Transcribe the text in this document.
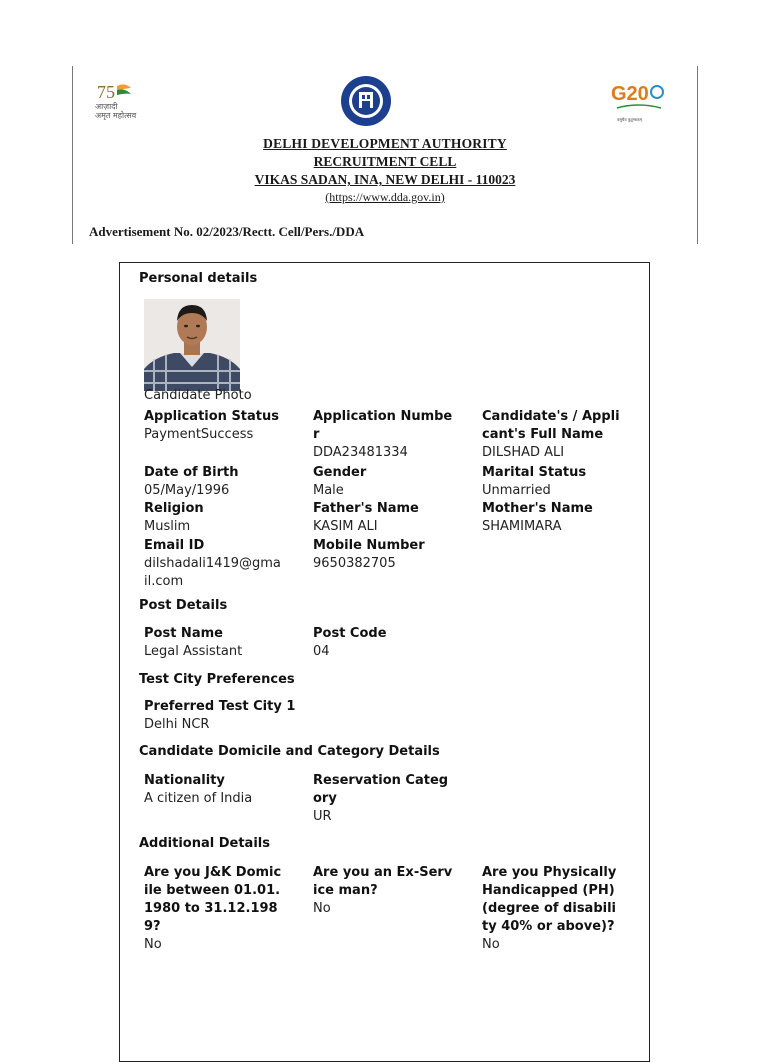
75
आज़ादी
अमृत महोत्सव
G20
वसुधैव कुटुम्बकम्
DELHI DEVELOPMENT AUTHORITY
RECRUITMENT CELL
VIKAS SADAN, INA, NEW DELHI - 110023
(https://www.dda.gov.in)
Advertisement No. 02/2023/Rectt. Cell/Pers./DDA
Personal details
Candidate Photo
Application Status
PaymentSuccess
Application Number
DDA23481334
Candidate's / Applicant's Full Name
DILSHAD ALI
Date of Birth
05/May/1996
Gender
Male
Marital Status
Unmarried
Religion
Muslim
Father's Name
KASIM ALI
Mother's Name
SHAMIMARA
Email ID
dilshadali1419@gmail.com
Mobile Number
9650382705
Post Details
Post Name
Legal Assistant
Post Code
04
Test City Preferences
Preferred Test City 1
Delhi NCR
Candidate Domicile and Category Details
Nationality
A citizen of India
Reservation Category
UR
Additional Details
Are you J&K Domicile between 01.01.1980 to 31.12.1989?
No
Are you an Ex-Service man?
No
Are you Physically Handicapped (PH) (degree of disability 40% or above)?
No
